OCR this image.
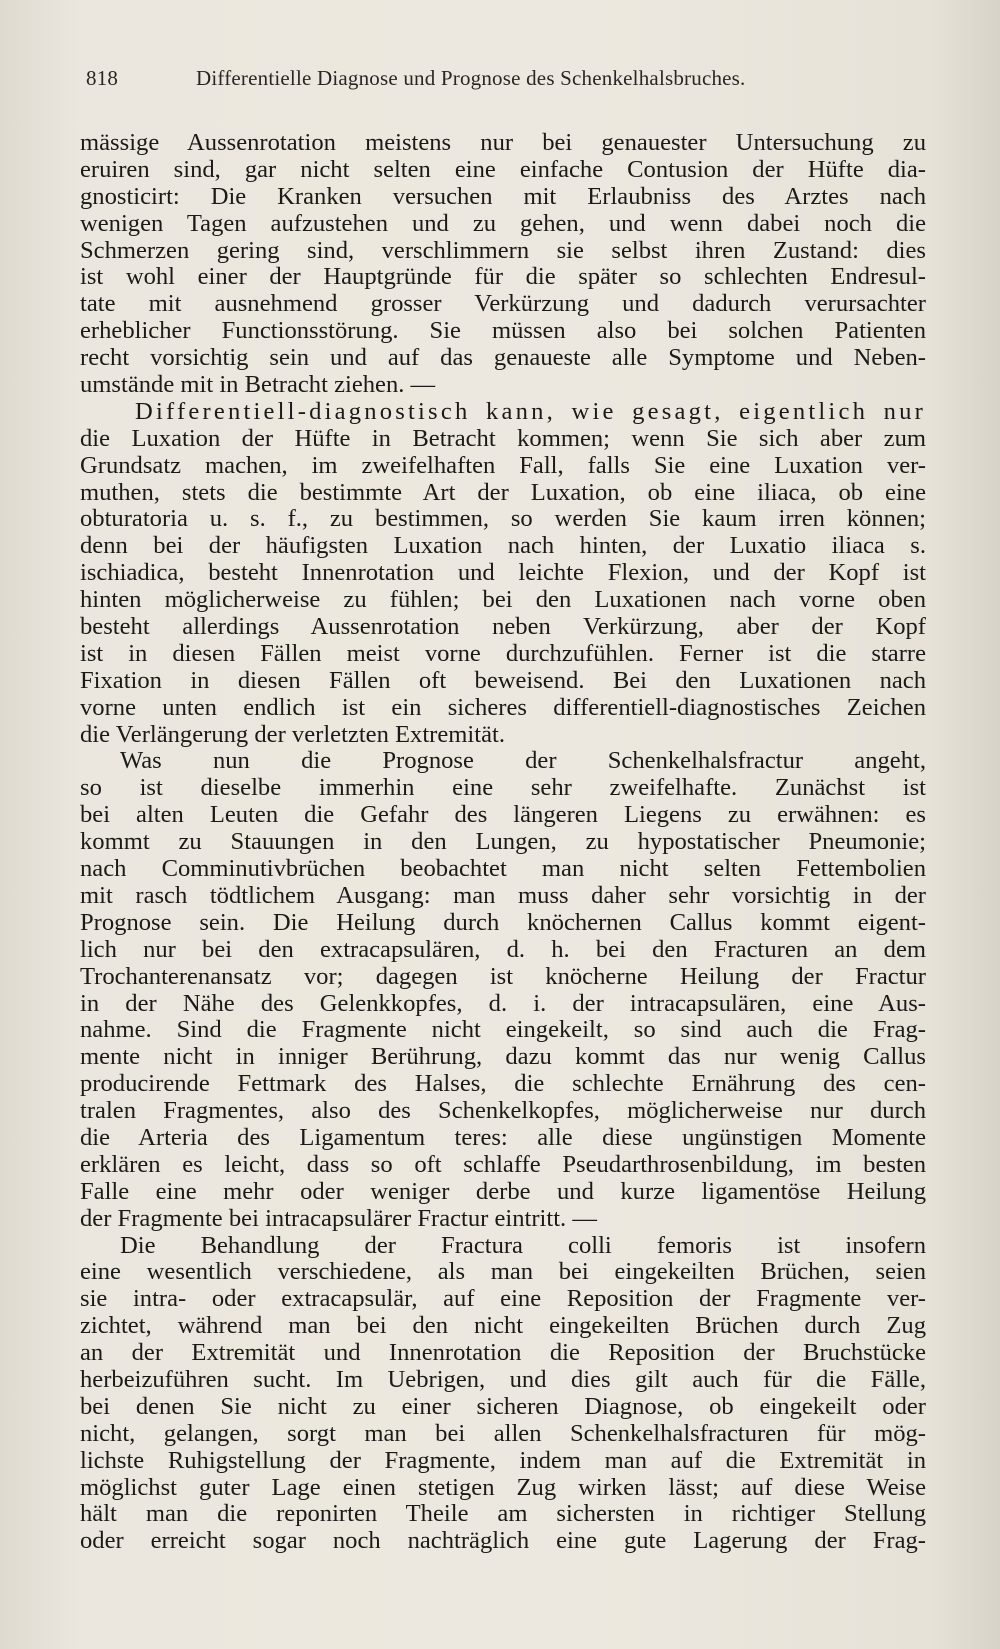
818	Differentielle Diagnose und Prognose des Schenkelhalsbruches.
mässige Aussenrotation meistens nur bei genauester Untersuchung zu
eruiren sind, gar nicht selten eine einfache Contusion der Hüfte dia-
gnosticirt: Die Kranken versuchen mit Erlaubniss des Arztes nach
wenigen Tagen aufzustehen und zu gehen, und wenn dabei noch die
Schmerzen gering sind, verschlimmern sie selbst ihren Zustand: dies
ist wohl einer der Hauptgründe für die später so schlechten Endresul-
tate mit ausnehmend grosser Verkürzung und dadurch verursachter
erheblicher Functionsstörung. Sie müssen also bei solchen Patienten
recht vorsichtig sein und auf das genaueste alle Symptome und Neben-
umstände mit in Betracht ziehen. —
Differentiell-diagnostisch kann, wie gesagt, eigentlich nur
die Luxation der Hüfte in Betracht kommen; wenn Sie sich aber zum
Grundsatz machen, im zweifelhaften Fall, falls Sie eine Luxation ver-
muthen, stets die bestimmte Art der Luxation, ob eine iliaca, ob eine
obturatoria u. s. f., zu bestimmen, so werden Sie kaum irren können;
denn bei der häufigsten Luxation nach hinten, der Luxatio iliaca s.
ischiadica, besteht Innenrotation und leichte Flexion, und der Kopf ist
hinten möglicherweise zu fühlen; bei den Luxationen nach vorne oben
besteht allerdings Aussenrotation neben Verkürzung, aber der Kopf
ist in diesen Fällen meist vorne durchzufühlen. Ferner ist die starre
Fixation in diesen Fällen oft beweisend. Bei den Luxationen nach
vorne unten endlich ist ein sicheres differentiell-diagnostisches Zeichen
die Verlängerung der verletzten Extremität.
Was nun die Prognose der Schenkelhalsfractur angeht,
so ist dieselbe immerhin eine sehr zweifelhafte. Zunächst ist
bei alten Leuten die Gefahr des längeren Liegens zu erwähnen: es
kommt zu Stauungen in den Lungen, zu hypostatischer Pneumonie;
nach Comminutivbrüchen beobachtet man nicht selten Fettembolien
mit rasch tödtlichem Ausgang: man muss daher sehr vorsichtig in der
Prognose sein. Die Heilung durch knöchernen Callus kommt eigent-
lich nur bei den extracapsulären, d. h. bei den Fracturen an dem
Trochanterenansatz vor; dagegen ist knöcherne Heilung der Fractur
in der Nähe des Gelenkkopfes, d. i. der intracapsulären, eine Aus-
nahme. Sind die Fragmente nicht eingekeilt, so sind auch die Frag-
mente nicht in inniger Berührung, dazu kommt das nur wenig Callus
producirende Fettmark des Halses, die schlechte Ernährung des cen-
tralen Fragmentes, also des Schenkelkopfes, möglicherweise nur durch
die Arteria des Ligamentum teres: alle diese ungünstigen Momente
erklären es leicht, dass so oft schlaffe Pseudarthrosenbildung, im besten
Falle eine mehr oder weniger derbe und kurze ligamentöse Heilung
der Fragmente bei intracapsulärer Fractur eintritt. —
Die Behandlung der Fractura colli femoris ist insofern
eine wesentlich verschiedene, als man bei eingekeilten Brüchen, seien
sie intra- oder extracapsulär, auf eine Reposition der Fragmente ver-
zichtet, während man bei den nicht eingekeilten Brüchen durch Zug
an der Extremität und Innenrotation die Reposition der Bruchstücke
herbeizuführen sucht. Im Uebrigen, und dies gilt auch für die Fälle,
bei denen Sie nicht zu einer sicheren Diagnose, ob eingekeilt oder
nicht, gelangen, sorgt man bei allen Schenkelhalsfracturen für mög-
lichste Ruhigstellung der Fragmente, indem man auf die Extremität in
möglichst guter Lage einen stetigen Zug wirken lässt; auf diese Weise
hält man die reponirten Theile am sichersten in richtiger Stellung
oder erreicht sogar noch nachträglich eine gute Lagerung der Frag-
